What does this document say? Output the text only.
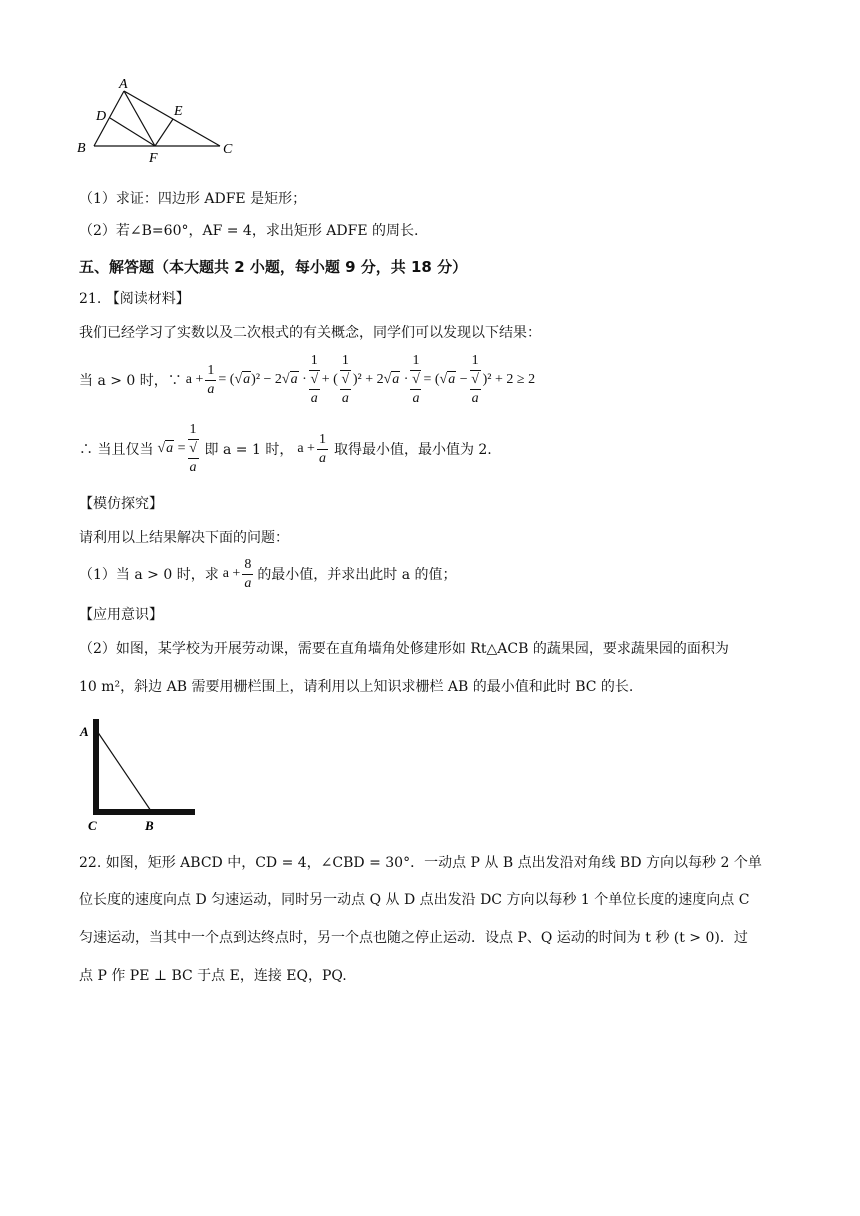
A
D	E
B
F
C
（1）求证：四边形 ADFE 是矩形；
（2）若∠B=60°，AF = 4，求出矩形 ADFE 的周长.
五、解答题（本大题共 2 小题，每小题 9 分，共 18 分）
21. 【阅读材料】
我们已经学习了实数以及二次根式的有关概念，同学们可以发现以下结果：
当 a > 0 时，∵ $a + \frac{1}{a} = (√a)^2 - 2√a \cdot 1$
√
a + ( 1
√
a )² + 2√a · 1
√
a = (√a − 1
√
a )² + 2 ≥ 2
∴ 当且仅当 √a = 1
√
a 即 a = 1 时， $a + \frac{1}{a}$ 取得最小值，最小值为 2.
【模仿探究】
请利用以上结果解决下面的问题：
（1）当 a > 0 时，求 $a + \frac{8}{a}$ 的最小值，并求出此时 a 的值；
【应用意识】
（2）如图，某学校为开展劳动课，需要在直角墙角处修建形如 Rt△ACB 的蔬果园，要求蔬果园的面积为
10 m²，斜边 AB 需要用栅栏围上，请利用以上知识求栅栏 AB 的最小值和此时 BC 的长.
A
C	B
22. 如图，矩形 ABCD 中，CD = 4，∠CBD = 30°．一动点 P 从 B 点出发沿对角线 BD 方向以每秒 2 个单
位长度的速度向点 D 匀速运动，同时另一动点 Q 从 D 点出发沿 DC 方向以每秒 1 个单位长度的速度向点 C
匀速运动，当其中一个点到达终点时，另一个点也随之停止运动．设点 P、Q 运动的时间为 t 秒 (t > 0)．过
点 P 作 PE ⊥ BC 于点 E，连接 EQ，PQ.
